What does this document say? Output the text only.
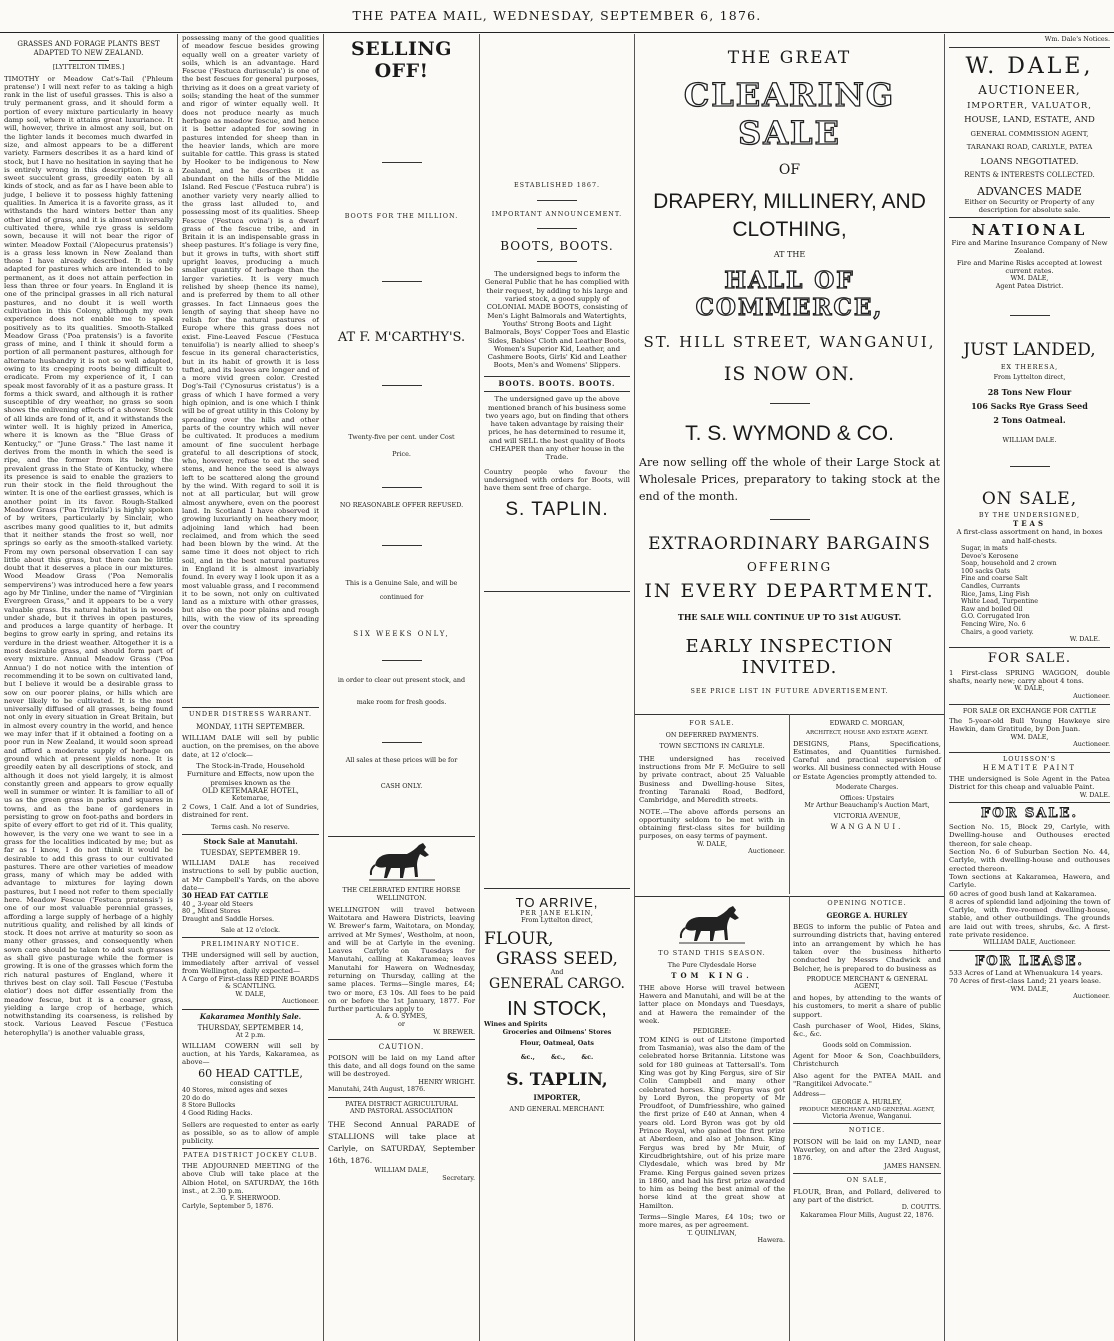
THE PATEA MAIL, WEDNESDAY, SEPTEMBER 6, 1876.

GRASSES AND FORAGE PLANTS BEST ADAPTED TO NEW ZEALAND.

[LYTTELTON TIMES.]

TIMOTHY or Meadow Cat's-Tail ('Phleum pratense') I will next refer to as taking a high rank in the list of useful grasses. This is also a truly permanent grass, and it should form a portion of every mixture particularly in heavy damp soil, where it attains great luxuriance. It will, however, thrive in almost any soil, but on the lighter lands it becomes much dwarfed in size, and almost appears to be a different variety. Farmers describes it as a hard kind of stock, but I have no hesitation in saying that he is entirely wrong in this description. It is a sweet succulent grass, greedily eaten by all kinds of stock, and as far as I have been able to judge, I believe it to possess highly fattening qualities. In America it is a favorite grass, as it withstands the hard winters better than any other kind of grass, and it is almost universally cultivated there, while rye grass is seldom sown, because it will not bear the rigor of winter. Meadow Foxtail ('Alopecurus pratensis') is a grass less known in New Zealand than those I have already described. It is only adapted for pastures which are intended to be permanent, as it does not attain perfection in less than three or four years. In England it is one of the principal grasses in all rich natural pastures, and no doubt it is well worth cultivation in this Colony, although my own experience does not enable me to speak positively as to its qualities. Smooth-Stalked Meadow Grass ('Poa pratensis') is a favorite grass of mine, and I think it should form a portion of all permanent pastures, although for alternate husbandry it is not so well adapted, owing to its creeping roots being difficult to eradicate. From my experience of it, I can speak most favorably of it as a pasture grass. It forms a thick sward, and although it is rather susceptible of dry weather, no grass so soon shows the enlivening effects of a shower. Stock of all kinds are fond of it, and it withstands the winter well. It is highly prized in America, where it is known as the "Blue Grass of Kentucky," or "June Grass." The last name it derives from the month in which the seed is ripe, and the former from its being the prevalent grass in the State of Kentucky, where its presence is said to enable the graziers to run their stock in the field throughout the winter. It is one of the earliest grasses, which is another point in its favor. Rough-Stalked Meadow Grass ('Poa Trivialis') is highly spoken of by writers, particularly by Sinclair, who ascribes many good qualities to it, but admits that it neither stands the frost so well, nor springs so early as the smooth-stalked variety. From my own personal observation I can say little about this grass, but there can be little doubt that it deserves a place in our mixtures. Wood Meadow Grass ('Poa Nemoralis sempervirens') was introduced here a few years ago by Mr Tinline, under the name of "Virginian Evergreen Grass," and it appears to be a very valuable grass. Its natural habitat is in woods under shade, but it thrives in open pastures, and produces a large quantity of herbage. It begins to grow early in spring, and retains its verdure in the driest weather. Altogether it is a most desirable grass, and should form part of every mixture. Annual Meadow Grass ('Poa Annua') I do not notice with the intention of recommending it to be sown on cultivated land, but I believe it would be a desirable grass to sow on our poorer plains, or hills which are never likely to be cultivated. It is the most universally diffused of all grasses, being found not only in every situation in Great Britain, but in almost every country in the world, and hence we may infer that if it obtained a footing on a poor run in New Zealand, it would soon spread and afford a moderate supply of herbage on ground which at present yields none. It is greedily eaten by all descriptions of stock, and although it does not yield largely, it is almost constantly green and appears to grow equally well in summer or winter. It is familiar to all of us as the green grass in parks and squares in towns, and as the bane of gardeners in persisting to grow on foot-paths and borders in spite of every effort to get rid of it. This quality, however, is the very one we want to see in a grass for the localities indicated by me; but as far as I know, I do not think it would be desirable to add this grass to our cultivated pastures. There are other varieties of meadow grass, many of which may be added with advantage to mixtures for laying down pastures, but I need not refer to them specially here. Meadow Fescue ('Festuca pratensis') is one of our most valuable perennial grasses, affording a large supply of herbage of a highly nutritious quality, and relished by all kinds of stock. It does not arrive at maturity so soon as many other grasses, and consequently when sown care should be taken to add such grasses as shall give pasturage while the former is growing. It is one of the grasses which form the rich natural pastures of England, where it thrives best on clay soil. Tall Fescue ('Festuba elatior') does not differ essentially from the meadow fescue, but it is a coarser grass, yielding a large crop of herbage, which notwithstanding its coarseness, is relished by stock. Various Leaved Fescue ('Festuca heterophylla') is another valuable grass,

possessing many of the good qualities of meadow fescue besides growing equally well on a greater variety of soils, which is an advantage. Hard Fescue ('Festuca duriuscula') is one of the best fescues for general purposes, thriving as it does on a great variety of soils; standing the heat of the summer and rigor of winter equally well. It does not produce nearly as much herbage as meadow fescue, and hence it is better adapted for sowing in pastures intended for sheep than in the heavier lands, which are more suitable for cattle. This grass is stated by Hooker to be indigenous to New Zealand, and he describes it as abundant on the hills of the Middle Island. Red Fescue ('Festuca rubra') is another variety very nearly allied to the grass last alluded to, and possessing most of its qualities. Sheep Fescue ('Festuca ovina') is a dwarf grass of the fescue tribe, and in Britain it is an indispensable grass in sheep pastures. It's foliage is very fine, but it grows in tufts, with short stiff upright leaves, producing a much smaller quantity of herbage than the larger varieties. It is very much relished by sheep (hence its name), and is preferred by them to all other grasses. In fact Linnaeus goes the length of saying that sheep have no relish for the natural pastures of Europe where this grass does not exist. Fine-Leaved Fescue ('Festuca tenuifolia') is nearly allied to sheep's fescue in its general characteristics, but in its habit of growth it is less tufted, and its leaves are longer and of a more vivid green color. Crested Dog's-Tail ('Cynosurus cristatus') is a grass of which I have formed a very high opinion, and is one which I think will be of great utility in this Colony by spreading over the hills and other parts of the country which will never be cultivated. It produces a medium amount of fine succulent herbage grateful to all descriptions of stock, who, however, refuse to eat the seed stems, and hence the seed is always left to be scattered along the ground by the wind. With regard to soil it is not at all particular, but will grow almost anywhere, even on the poorest land. In Scotland I have observed it growing luxuriantly on heathery moor, adjoining land which had been reclaimed, and from which the seed had been blown by the wind. At the same time it does not object to rich soil, and in the best natural pastures in England it is almost invariably found. In every way I look upon it as a most valuable grass, and I recommend it to be sown, not only on cultivated land as a mixture with other grasses, but also on the poor plains and rough hills, with the view of its spreading over the country

UNDER DISTRESS WARRANT.

MONDAY, 11TH SEPTEMBER.

WILLIAM DALE will sell by public auction, on the premises, on the above date, at 12 o'clock—

The Stock-in-Trade, Household Furniture and Effects, now upon the premises known as the

OLD KETEMARAE HOTEL,

Ketemarae,

2 Cows, 1 Calf. And a lot of Sundries, distrained for rent.

Terms cash. No reserve.

Stock Sale at Manutahi.

TUESDAY, SEPTEMBER 19.

WILLIAM DALE has received instructions to sell by public auction, at Mr Campbell's Yards, on the above date—

30 HEAD FAT CATTLE

40 „ 3-year old Steers

80 „ Mixed Stores

Draught and Saddle Horses.

Sale at 12 o'clock.

PRELIMINARY NOTICE.

THE undersigned will sell by auction, immediately after arrival of vessel from Wellington, daily expected—

A Cargo of First-class RED PINE BOARDS & SCANTLING.

W. DALE,

Auctioneer.

Kakaramea Monthly Sale.

THURSDAY, SEPTEMBER 14,

At 2 p.m.

WILLIAM COWERN will sell by auction, at his Yards, Kakaramea, as above—

60 HEAD CATTLE,

consisting of

40 Stores, mixed ages and sexes

20 do do

8 Store Bullocks

4 Good Riding Hacks.

Sellers are requested to enter as early as possible, so as to allow of ample publicity.

PATEA DISTRICT JOCKEY CLUB.

THE ADJOURNED MEETING of the above Club will take place at the Albion Hotel, on SATURDAY, the 16th inst., at 2.30 p.m.

G. F. SHERWOOD.

Carlyle, September 5, 1876.

SELLING OFF!

BOOTS FOR THE MILLION.

AT F. M'CARTHY'S.

Twenty-five per cent. under Cost

Price.

NO REASONABLE OFFER REFUSED.

This is a Genuine Sale, and will be

continued for

SIX WEEKS ONLY,

in order to clear out present stock, and

make room for fresh goods.

All sales at these prices will be for

CASH ONLY.

THE CELEBRATED ENTIRE HORSE

WELLINGTON.

WELLINGTON will travel between Waitotara and Hawera Districts, leaving W. Brewer's farm, Waitotara, on Monday, arrived at Mr Symes', Westholm, at noon, and will be at Carlyle in the evening. Leaves Carlyle on Tuesdays for Manutahi, calling at Kakaramea; leaves Manutahi for Hawera on Wednesday, returning on Thursday, calling at the same places. Terms—Single mares, £4; two or more, £3 10s. All fees to be paid on or before the 1st January, 1877. For further particulars apply to

A. & O. SYMES,

or

W. BREWER.

CAUTION.

POISON will be laid on my Land after this date, and all dogs found on the same will be destroyed.

HENRY WRIGHT.

Manutahi, 24th August, 1876.

PATEA DISTRICT AGRICULTURAL

AND PASTORAL ASSOCIATION

THE Second Annual PARADE of STALLIONS will take place at Carlyle, on SATURDAY, September 16th, 1876.

WILLIAM DALE,

Secretary.

ESTABLISHED 1867.

IMPORTANT ANNOUNCEMENT.

BOOTS, BOOTS.

The undersigned begs to inform the General Public that he has complied with their request, by adding to his large and varied stock, a good supply of COLONIAL MADE BOOTS, consisting of Men's Light Balmorals and Watertights, Youths' Strong Boots and Light Balmorals, Boys' Copper Toes and Elastic Sides, Babies' Cloth and Leather Boots, Women's Superior Kid, Leather, and Cashmere Boots, Girls' Kid and Leather Boots, Men's and Womens' Slippers.

BOOTS. BOOTS. BOOTS.

The undersigned gave up the above mentioned branch of his business some two years ago, but on finding that others have taken advantage by raising their prices, he has determined to resume it, and will SELL the best quality of Boots CHEAPER than any other house in the Trade.

Country people who favour the undersigned with orders for Boots, will have them sent free of charge.

S. TAPLIN.

TO ARRIVE,

PER JANE ELKIN,

From Lyttelton direct,

FLOUR,

GRASS SEED,

And

GENERAL CARGO.

IN STOCK,

Wines and Spirits

Groceries and Oilmens' Stores

Flour, Oatmeal, Oats

&c., &c., &c.

S. TAPLIN,

IMPORTER,

AND GENERAL MERCHANT.

THE GREAT

CLEARING SALE

OF

DRAPERY, MILLINERY, AND

CLOTHING,

AT THE

HALL OF COMMERCE,

ST. HILL STREET, WANGANUI,

IS NOW ON.

T. S. WYMOND & CO.

Are now selling off the whole of their Large Stock at Wholesale Prices, preparatory to taking stock at the end of the month.

EXTRAORDINARY BARGAINS

OFFERING

IN EVERY DEPARTMENT.

THE SALE WILL CONTINUE UP TO 31st AUGUST.

EARLY INSPECTION INVITED.

SEE PRICE LIST IN FUTURE ADVERTISEMENT.

FOR SALE.

ON DEFERRED PAYMENTS.

TOWN SECTIONS IN CARLYLE.

THE undersigned has received instructions from Mr F. McGuire to sell by private contract, about 25 Valuable Business and Dwelling-house Sites, fronting Taranaki Road, Bedford, Cambridge, and Meredith streets.

NOTE.—The above affords persons an opportunity seldom to be met with in obtaining first-class sites for building purposes, on easy terms of payment.

W. DALE,

Auctioneer.

EDWARD C. MORGAN,

ARCHITECT, HOUSE AND ESTATE AGENT.

DESIGNS, Plans, Specifications, Estimates, and Quantities furnished. Careful and practical supervision of works. All business connected with House or Estate Agencies promptly attended to.

Moderate Charges.

Offices: Upstairs

Mr Arthur Beauchamp's Auction Mart,

VICTORIA AVENUE,

WANGANUI.

TO STAND THIS SEASON.

The Pure Clydesdale Horse

TOM KING.

THE above Horse will travel between Hawera and Manutahi, and will be at the latter place on Mondays and Tuesdays, and at Hawera the remainder of the week.

PEDIGREE:

TOM KING is out of Litstone (imported from Tasmania), was also the dam of the celebrated horse Britannia. Litstone was sold for 180 guineas at Tattersall's. Tom King was got by King Fergus, sire of Sir Colin Campbell and many other celebrated horses. King Fergus was got by Lord Byron, the property of Mr Proudfoot, of Dumfriesshire, who gained the first prize of £40 at Annan, when 4 years old. Lord Byron was got by old Prince Royal, who gained the first prize at Aberdeen, and also at Johnson. King Fergus was bred by Mr Muir, of Kircudbrightshire, out of his prize mare Clydesdale, which was bred by Mr Frame. King Fergus gained seven prizes in 1860, and had his first prize awarded to him as being the best animal of the horse kind at the great show at Hamilton.

Terms—Single Mares, £4 10s; two or more mares, as per agreement.

T. QUINLIVAN,

Hawera.

OPENING NOTICE.

GEORGE A. HURLEY

BEGS to inform the public of Patea and surrounding districts that, having entered into an arrangement by which he has taken over the business hitherto conducted by Messrs Chadwick and Belcher, he is prepared to do business as

PRODUCE MERCHANT & GENERAL AGENT,

and hopes, by attending to the wants of his customers, to merit a share of public support.

Cash purchaser of Wool, Hides, Skins, &c., &c.

Goods sold on Commission.

Agent for Moor & Son, Coachbuilders, Christchurch

Also agent for the PATEA MAIL and "Rangitikei Advocate."

Address—

GEORGE A. HURLEY,

PRODUCE MERCHANT AND GENERAL AGENT,

Victoria Avenue, Wanganui.

NOTICE.

POISON will be laid on my LAND, near Waverley, on and after the 23rd August, 1876.

JAMES HANSEN.

ON SALE,

FLOUR, Bran, and Pollard, delivered to any part of the district.

D. COUTTS.

Kakaramea Flour Mills, August 22, 1876.

Wm. Dale's Notices.

W. DALE,

AUCTIONEER,

IMPORTER, VALUATOR,

HOUSE, LAND, ESTATE, AND

GENERAL COMMISSION AGENT,

TARANAKI ROAD, CARLYLE, PATEA

LOANS NEGOTIATED.

RENTS & INTERESTS COLLECTED.

ADVANCES MADE

Either on Security or Property of any description for absolute sale.

NATIONAL

Fire and Marine Insurance Company of New Zealand.

Fire and Marine Risks accepted at lowest current rates.

WM. DALE,

Agent Patea District.

JUST LANDED,

EX THERESA,

From Lyttelton direct,

28 Tons New Flour

106 Sacks Rye Grass Seed

2 Tons Oatmeal.

WILLIAM DALE.

ON SALE,

BY THE UNDERSIGNED,

TEAS

A first-class assortment on hand, in boxes and half-chests.

Sugar, in mats

Devoe's Kerosene

Soap, household and 2 crown

100 sacks Oats

Fine and coarse Salt

Candles, Currants

Rice, Jams, Ling Fish

White Lead, Turpentine

Raw and boiled Oil

G.O. Corrugated Iron

Fencing Wire, No. 6

Chairs, a good variety.

W. DALE.

FOR SALE.

1 First-class SPRING WAGGON, double shafts, nearly new; carry about 4 tons.

W. DALE,

Auctioneer.

FOR SALE OR EXCHANGE FOR CATTLE

The 5-year-old Bull Young Hawkeye sire Hawkin, dam Gratitude, by Don Juan.

WM. DALE,

Auctioneer.

LOUISSON'S

HEMATITE PAINT

THE undersigned is Sole Agent in the Patea District for this cheap and valuable Paint.

W. DALE.

FOR SALE.

Section No. 15, Block 29, Carlyle, with Dwelling-house and Outhouses erected thereon, for sale cheap.

Section No. 6 of Suburban Section No. 44, Carlyle, with dwelling-house and outhouses erected thereon.

Town sections at Kakaramea, Hawera, and Carlyle.

60 acres of good bush land at Kakaramea.

8 acres of splendid land adjoining the town of Carlyle, with five-roomed dwelling-house, stable, and other outbuildings. The grounds are laid out with trees, shrubs, &c. A first-rate private residence.

WILLIAM DALE, Auctioneer.

FOR LEASE.

533 Acres of Land at Whenuakura 14 years.

70 Acres of first-class Land; 21 years lease.

WM. DALE,

Auctioneer.
